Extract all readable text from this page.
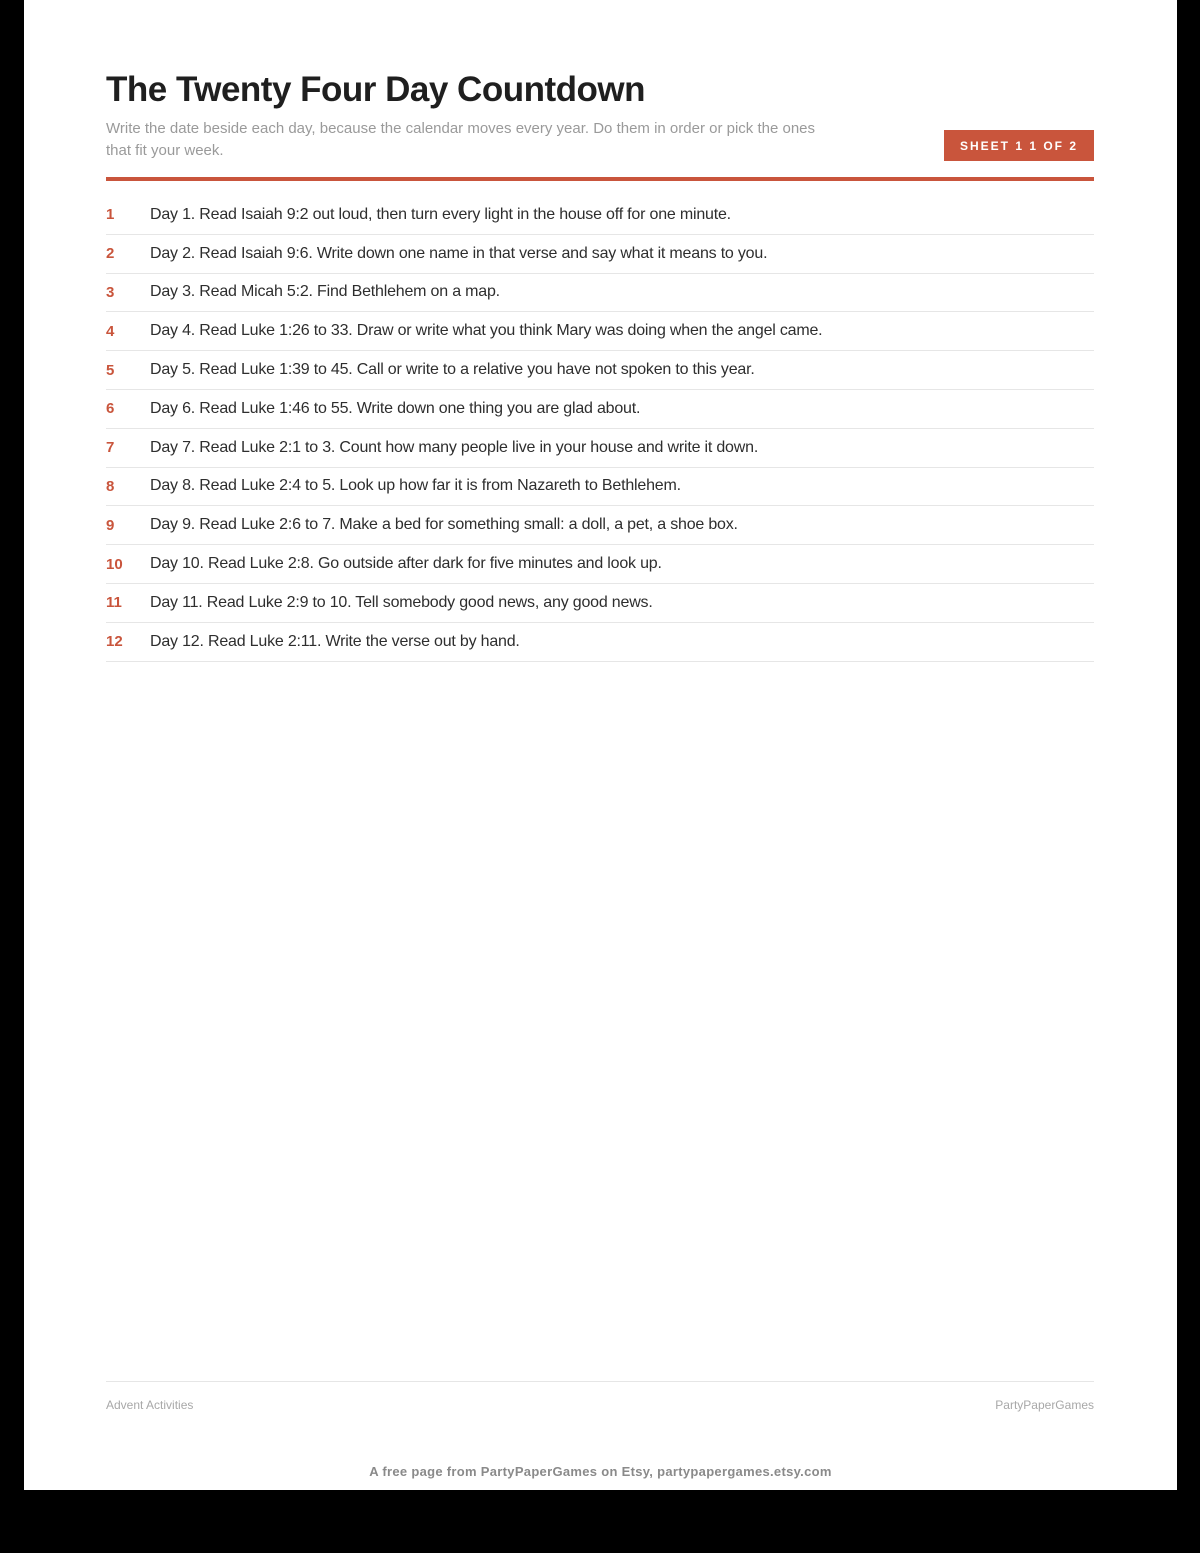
The Twenty Four Day Countdown

Write the date beside each day, because the calendar moves every year. Do them in order or pick the ones that fit your week.	SHEET 1 1 OF 2
1	Day 1. Read Isaiah 9:2 out loud, then turn every light in the house off for one minute.
2	Day 2. Read Isaiah 9:6. Write down one name in that verse and say what it means to you.
3	Day 3. Read Micah 5:2. Find Bethlehem on a map.
4	Day 4. Read Luke 1:26 to 33. Draw or write what you think Mary was doing when the angel came.
5	Day 5. Read Luke 1:39 to 45. Call or write to a relative you have not spoken to this year.
6	Day 6. Read Luke 1:46 to 55. Write down one thing you are glad about.
7	Day 7. Read Luke 2:1 to 3. Count how many people live in your house and write it down.
8	Day 8. Read Luke 2:4 to 5. Look up how far it is from Nazareth to Bethlehem.
9	Day 9. Read Luke 2:6 to 7. Make a bed for something small: a doll, a pet, a shoe box.
10	Day 10. Read Luke 2:8. Go outside after dark for five minutes and look up.
11	Day 11. Read Luke 2:9 to 10. Tell somebody good news, any good news.
12	Day 12. Read Luke 2:11. Write the verse out by hand.
Advent Activities	PartyPaperGames
A free page from PartyPaperGames on Etsy, partypapergames.etsy.com
